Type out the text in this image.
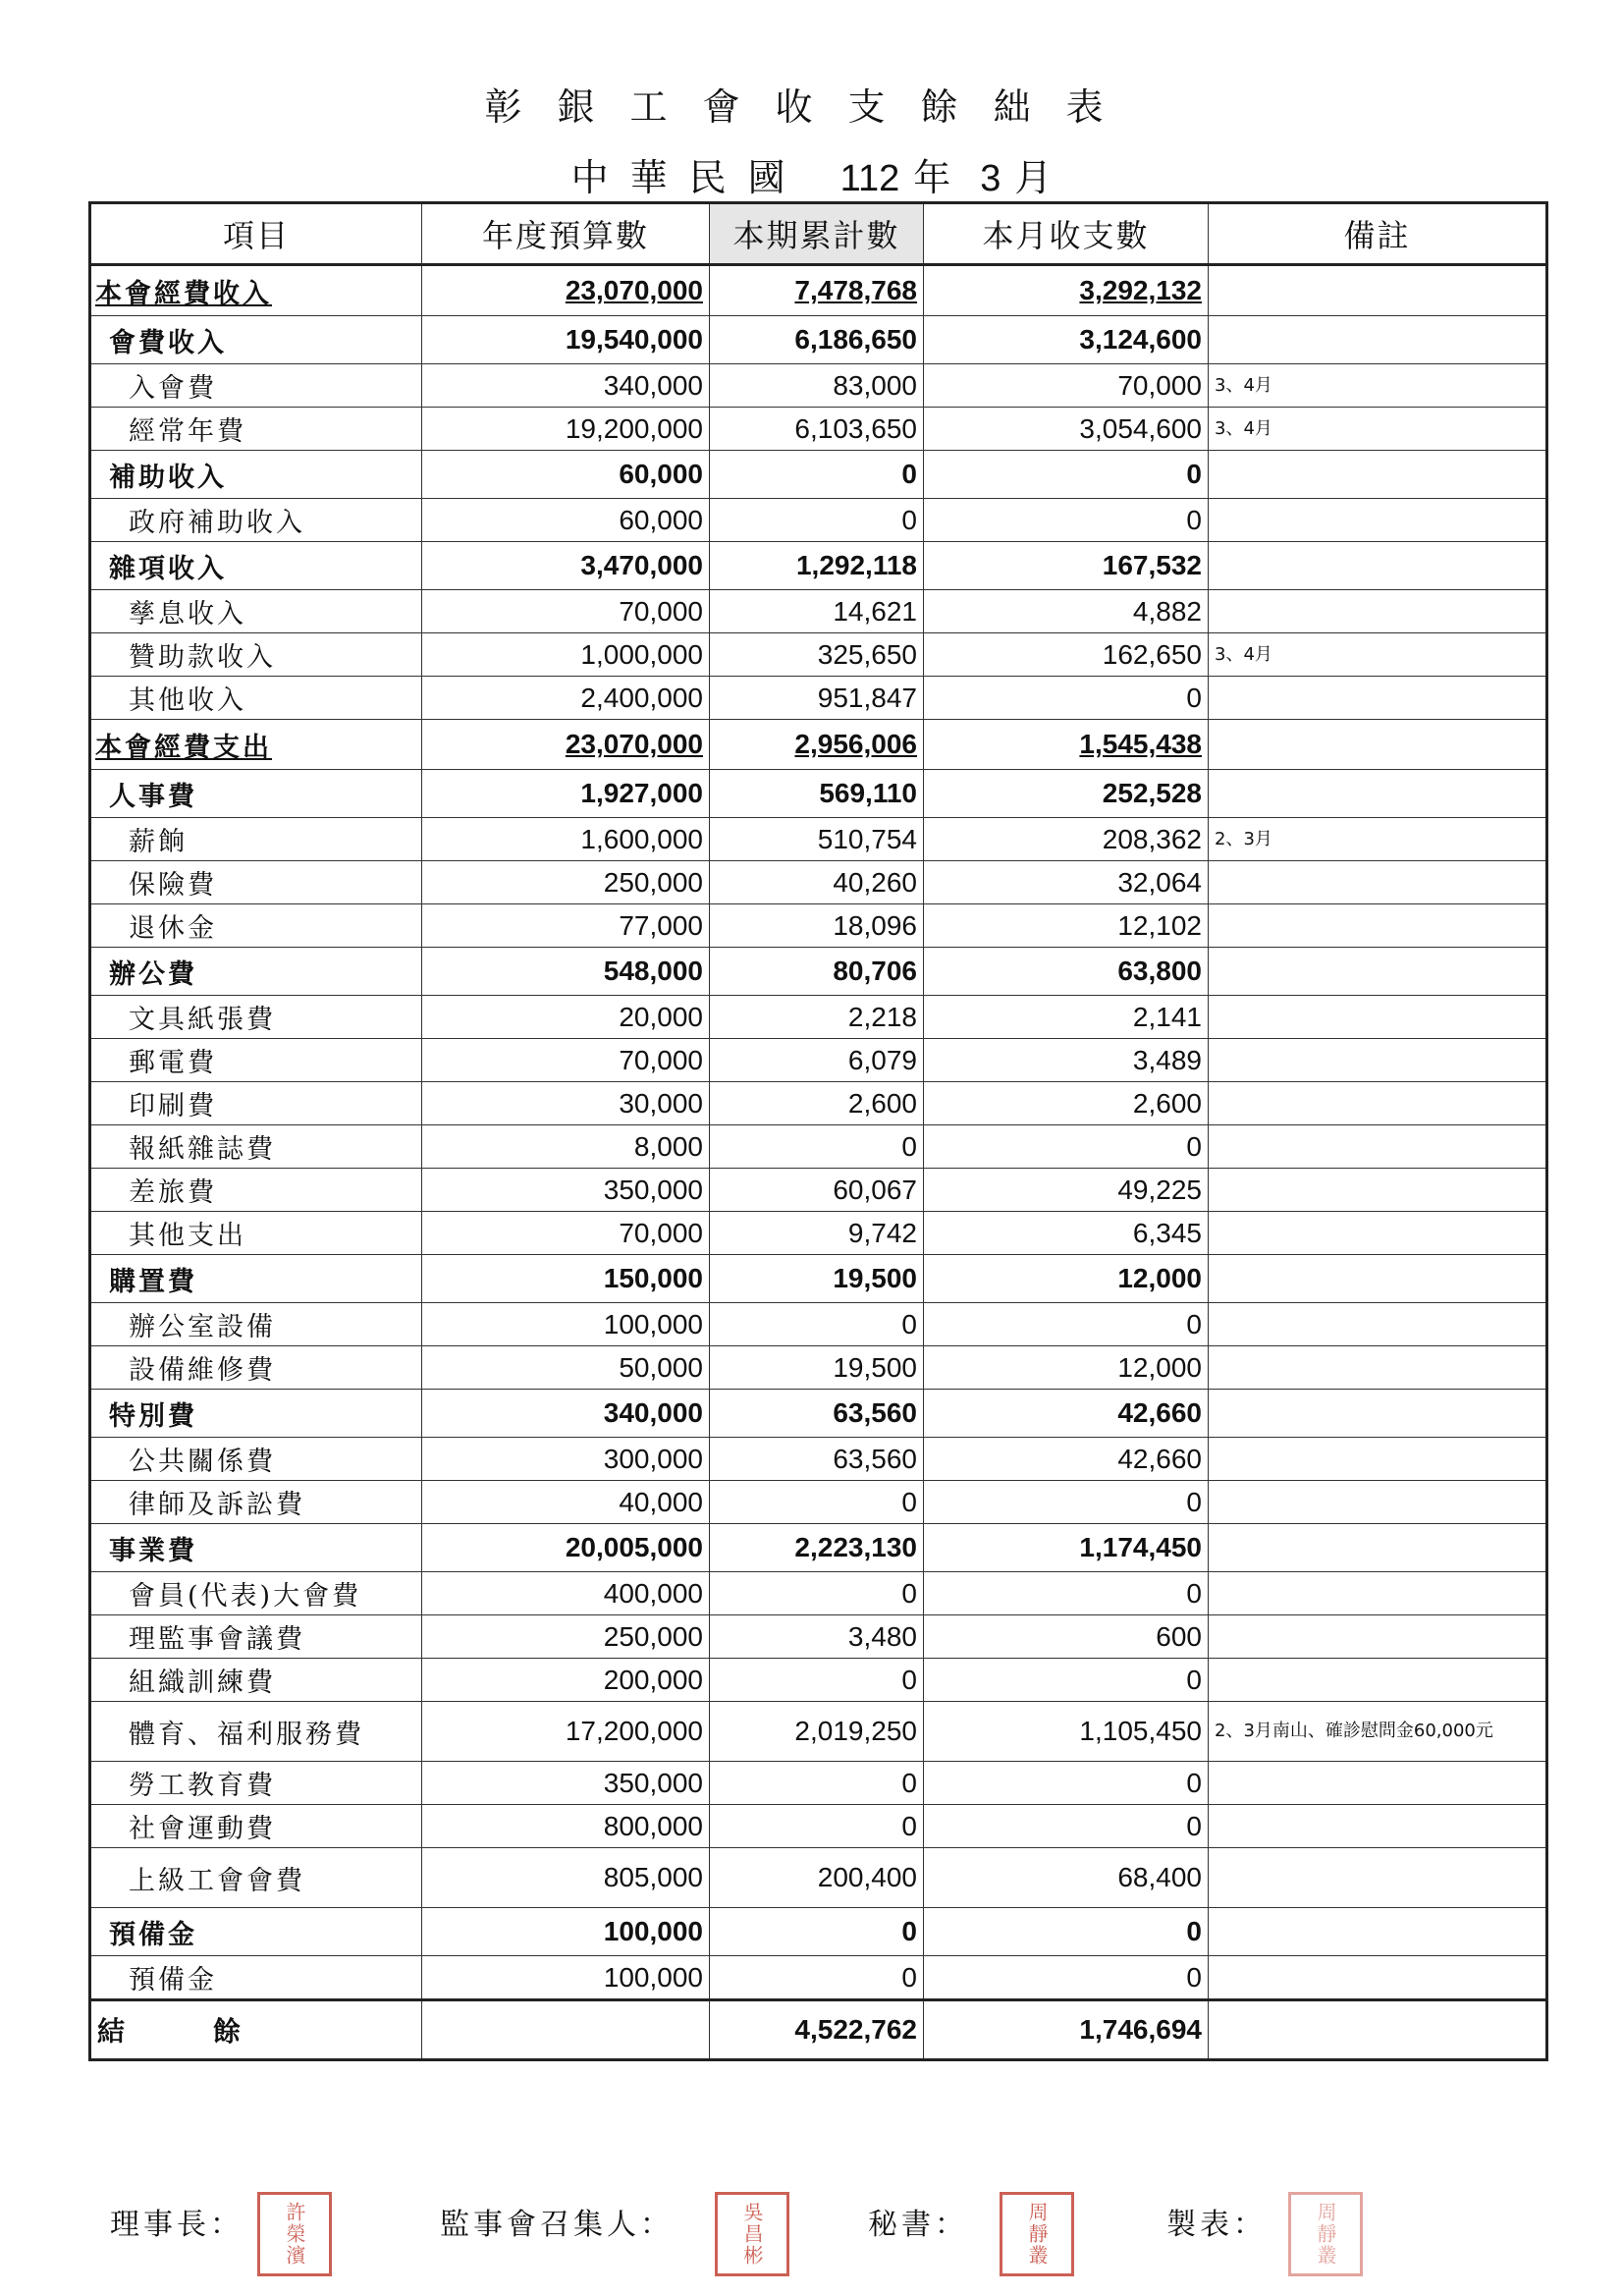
彰銀工會收支餘絀表
中華民國 112 年 3 月
項目	年度預算數	本期累計數	本月收支數	備註
本會經費收入	23,070,000	7,478,768	3,292,132	
會費收入	19,540,000	6,186,650	3,124,600	
入會費	340,000	83,000	70,000	3、4月
經常年費	19,200,000	6,103,650	3,054,600	3、4月
補助收入	60,000	0	0	
政府補助收入	60,000	0	0	
雜項收入	3,470,000	1,292,118	167,532	
孳息收入	70,000	14,621	4,882	
贊助款收入	1,000,000	325,650	162,650	3、4月
其他收入	2,400,000	951,847	0	
本會經費支出	23,070,000	2,956,006	1,545,438	
人事費	1,927,000	569,110	252,528	
薪餉	1,600,000	510,754	208,362	2、3月
保險費	250,000	40,260	32,064	
退休金	77,000	18,096	12,102	
辦公費	548,000	80,706	63,800	
文具紙張費	20,000	2,218	2,141	
郵電費	70,000	6,079	3,489	
印刷費	30,000	2,600	2,600	
報紙雜誌費	8,000	0	0	
差旅費	350,000	60,067	49,225	
其他支出	70,000	9,742	6,345	
購置費	150,000	19,500	12,000	
辦公室設備	100,000	0	0	
設備維修費	50,000	19,500	12,000	
特別費	340,000	63,560	42,660	
公共關係費	300,000	63,560	42,660	
律師及訴訟費	40,000	0	0	
事業費	20,005,000	2,223,130	1,174,450	
會員(代表)大會費	400,000	0	0	
理監事會議費	250,000	3,480	600	
組織訓練費	200,000	0	0	
體育、福利服務費	17,200,000	2,019,250	1,105,450	2、3月南山、確診慰問金60,000元
勞工教育費	350,000	0	0	
社會運動費	800,000	0	0	
上級工會會費	805,000	200,400	68,400	
預備金	100,000	0	0	
預備金	100,000	0	0	
結餘		4,522,762	1,746,694	
理事長：	許榮濱	監事會召集人：	吳昌彬	秘書：	周靜叢	製表：	周靜叢
